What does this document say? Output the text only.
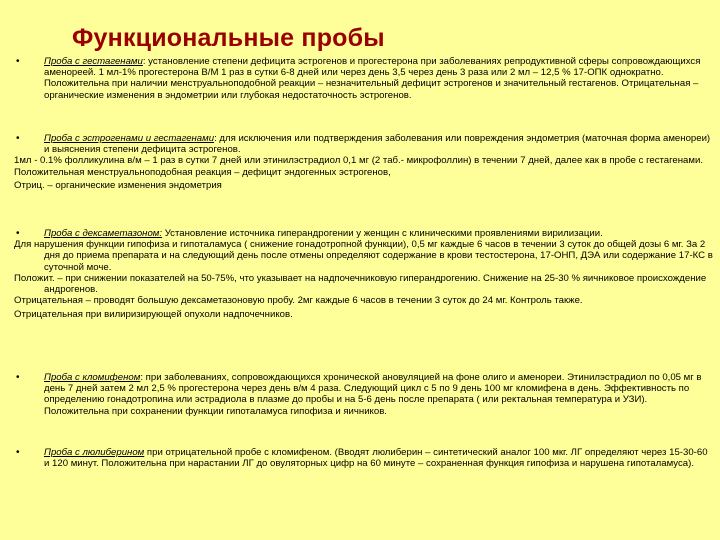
Функциональные пробы
•	Проба с гестагенами: установление степени дефицита эстрогенов и прогестерона при заболеваниях репродуктивной сферы сопровождающихся аменореей. 1 мл-1% прогестерона В/М 1 раз в сутки 6-8 дней или через день 3,5 через день 3 раза или 2 мл – 12,5 % 17-ОПК однократно. Положительна при наличии менструальноподобной реакции – незначительный дефицит эстрогенов и значительный гестагенов. Отрицательная – органические изменения в эндометрии или глубокая недостаточность эстрогенов.

•	Проба с эстрогенами и гестагенами: для исключения или подтверждения заболевания или повреждения эндометрия (маточная форма аменореи) и выяснения степени дефицита эстрогенов.

1мл - 0.1% фолликулина в/м – 1 раз в сутки 7 дней или этинилэстрадиол 0,1 мг (2 таб.- микрофоллин) в течении 7 дней, далее как в пробе с гестагенами.

Положительная менструальноподобная реакция – дефицит эндогенных эстрогенов,

Отриц. – органические изменения эндометрия

•	Проба с дексаметазоном: Установление источника гиперандрогении у женщин с клиническими проявлениями вирилизации.

Для нарушения функции гипофиза и гипоталамуса ( снижение гонадотропной функции), 0,5 мг каждые 6 часов в течении 3 суток до общей дозы 6 мг. За 2 дня до приема препарата и на следующий день после отмены определяют содержание в крови тестостерона, 17-ОНП, ДЭА или содержание 17-КС в суточной моче.

Положит. – при снижении показателей на 50-75%, что указывает на надпочечниковую гиперандрогению. Снижение на 25-30 % яичниковое происхождение андрогенов.

Отрицательная – проводят большую дексаметазоновую пробу. 2мг каждые 6 часов в течении 3 суток до 24 мг. Контроль также.

Отрицательная при вилиризирующей опухоли надпочечников.

•	Проба с кломифеном: при заболеваниях, сопровождающихся хронической ановуляцией на фоне олиго и аменореи. Этинилэстрадиол по 0,05 мг в день 7 дней затем 2 мл 2,5 % прогестерона через день в/м 4 раза. Следующий цикл с 5 по 9 день 100 мг кломифена в день. Эффективность по определению гонадотропина или эстрадиола в плазме до пробы и на 5-6 день после препарата ( или ректальная температура и УЗИ). Положительна при сохранении функции гипоталамуса гипофиза и яичников.

•	Проба с люлиберином при отрицательной пробе с кломифеном. (Вводят люлиберин – синтетический аналог 100 мкг. ЛГ определяют через 15-30-60 и 120 минут. Положительна при нарастании ЛГ до овуляторных цифр на 60 минуте – сохраненная функция гипофиза и нарушена гипоталамуса).
